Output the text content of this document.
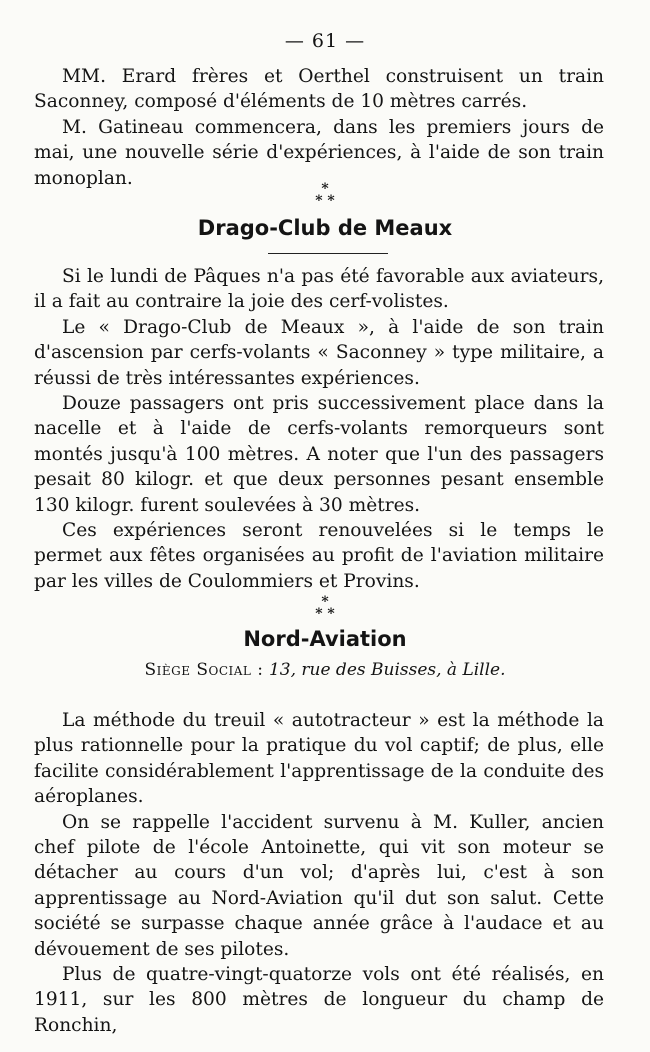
— 61 —

MM. Erard frères et Oerthel construisent un train Saconney, composé d'éléments de 10 mètres carrés.

M. Gatineau commencera, dans les premiers jours de mai, une nouvelle série d'expériences, à l'aide de son train monoplan.

*
* *
Drago-Club de Meaux

Si le lundi de Pâques n'a pas été favorable aux aviateurs, il a fait au contraire la joie des cerf-volistes.

Le « Drago-Club de Meaux », à l'aide de son train d'ascension par cerfs-volants « Saconney » type militaire, a réussi de très intéressantes expériences.

Douze passagers ont pris successivement place dans la nacelle et à l'aide de cerfs-volants remorqueurs sont montés jusqu'à 100 mètres. A noter que l'un des passagers pesait 80 kilogr. et que deux personnes pesant ensemble 130 kilogr. furent soulevées à 30 mètres.

Ces expériences seront renouvelées si le temps le permet aux fêtes organisées au profit de l'aviation militaire par les villes de Coulommiers et Provins.

*
* *
Nord-Aviation
Siège Social : 13, rue des Buisses, à Lille.

La méthode du treuil « autotracteur » est la méthode la plus rationnelle pour la pratique du vol captif; de plus, elle facilite considérablement l'apprentissage de la conduite des aéroplanes.

On se rappelle l'accident survenu à M. Kuller, ancien chef pilote de l'école Antoinette, qui vit son moteur se détacher au cours d'un vol; d'après lui, c'est à son apprentissage au Nord-Aviation qu'il dut son salut. Cette société se surpasse chaque année grâce à l'audace et au dévouement de ses pilotes.

Plus de quatre-vingt-quatorze vols ont été réalisés, en 1911, sur les 800 mètres de longueur du champ de Ronchin,
